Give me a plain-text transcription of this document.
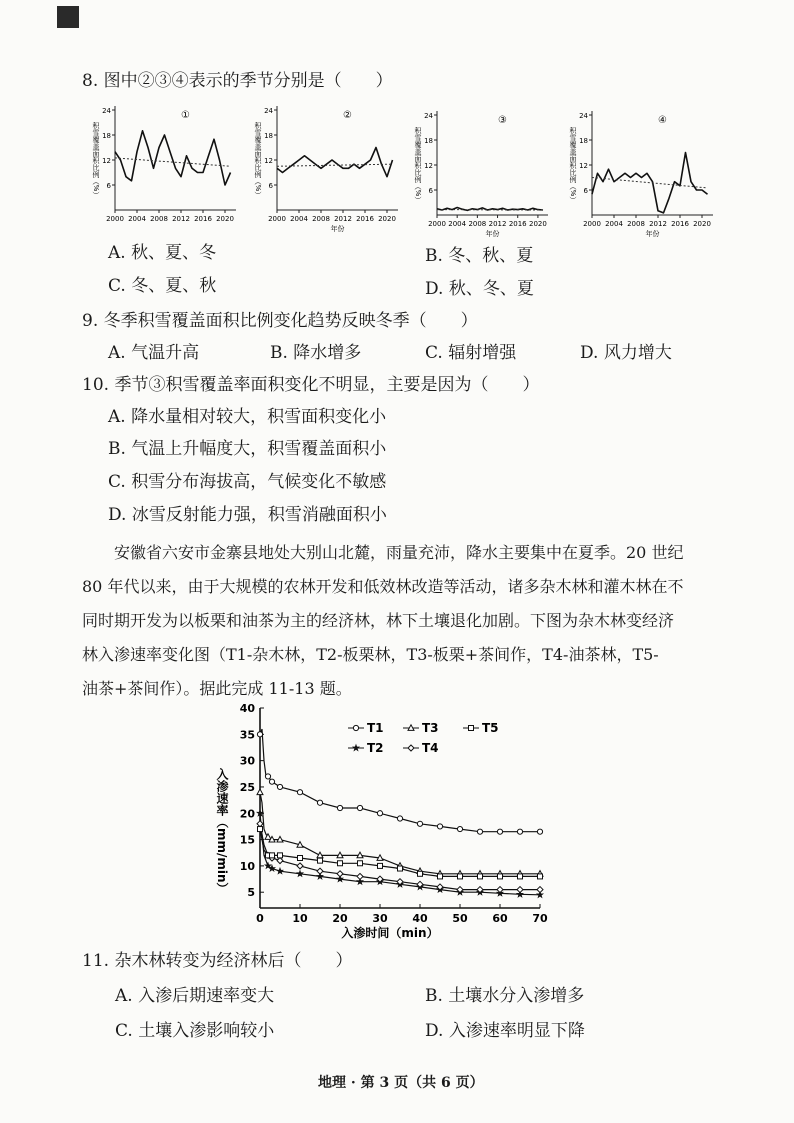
8. 图中②③④表示的季节分别是（　　）
6
12
18
24
2000 2004 2008 2012 2016 2020
积雪覆盖面积比例（%）
①
6
12
18
24
2000 2004 2008 2012 2016 2020
年份
积雪覆盖面积比例（%）
②
6
12
18
24
2000 2004 2008 2012 2016 2020
年份
积雪覆盖面积比例（%）
③
6
12
18
24
2000 2004 2008 2012 2016 2020
年份
积雪覆盖面积比例（%）
④
A. 秋、夏、冬	B. 冬、秋、夏
C. 冬、夏、秋	D. 秋、冬、夏
9. 冬季积雪覆盖面积比例变化趋势反映冬季（　　）
A. 气温升高	B. 降水增多	C. 辐射增强	D. 风力增大
10. 季节③积雪覆盖率面积变化不明显，主要是因为（　　）
A. 降水量相对较大，积雪面积变化小
B. 气温上升幅度大，积雪覆盖面积小
C. 积雪分布海拔高，气候变化不敏感
D. 冰雪反射能力强，积雪消融面积小
　　安徽省六安市金寨县地处大别山北麓，雨量充沛，降水主要集中在夏季。20 世纪
80 年代以来，由于大规模的农林开发和低效林改造等活动，诸多杂木林和灌木林在不
同时期开发为以板栗和油茶为主的经济林，林下土壤退化加剧。下图为杂木林变经济
林入渗速率变化图（T1-杂木林，T2-板栗林，T3-板栗+茶间作，T4-油茶林，T5-
油茶+茶间作）。据此完成 11-13 题。
5
10
15
20
25
30
35
40
0	10 20 30 40 50 60 70
入渗时间（min）
入渗速率（mm/min）
T1
T2
T3
T4
T5
11. 杂木林转变为经济林后（　　）
A. 入渗后期速率变大	B. 土壤水分入渗增多
C. 土壤入渗影响较小	D. 入渗速率明显下降
地理 · 第 3 页（共 6 页）
